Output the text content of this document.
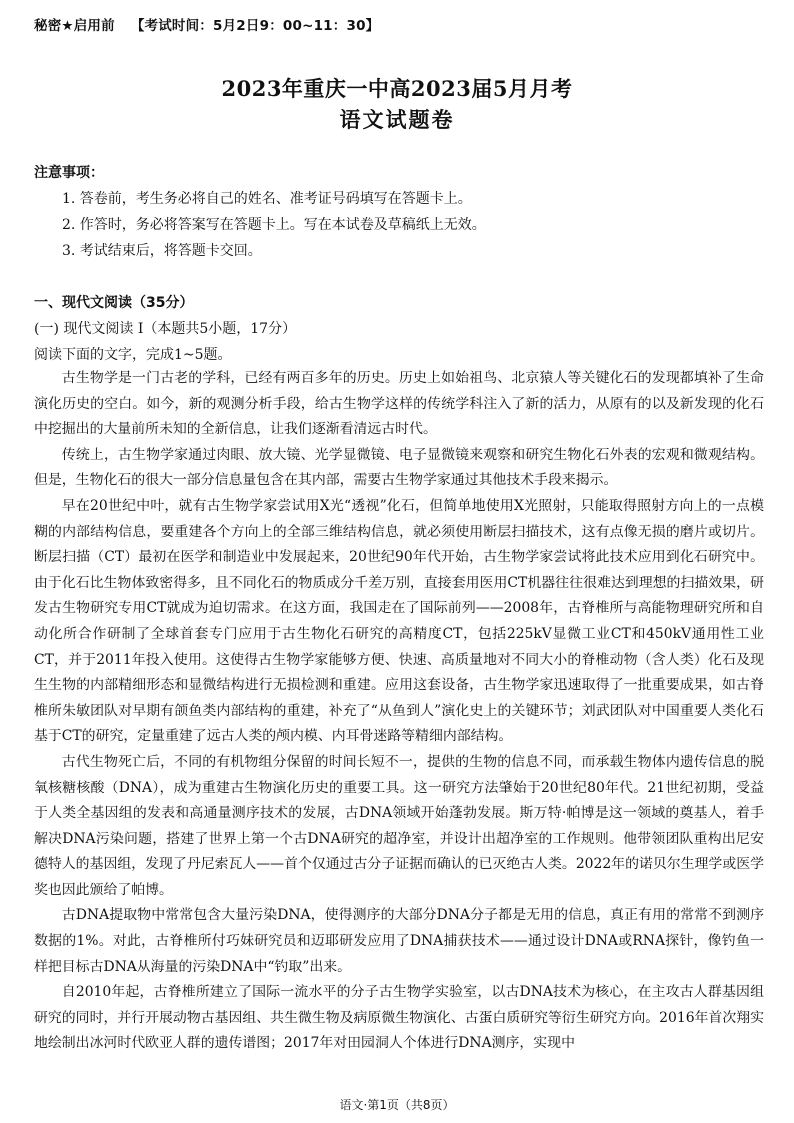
秘密★启用前 【考试时间：5月2日9：00~11：30】
2023年重庆一中高2023届5月月考
语文试题卷
注意事项：
1. 答卷前，考生务必将自己的姓名、准考证号码填写在答题卡上。
2. 作答时，务必将答案写在答题卡上。写在本试卷及草稿纸上无效。
3. 考试结束后，将答题卡交回。
一、现代文阅读（35分）
(一) 现代文阅读 I（本题共5小题，17分）
阅读下面的文字，完成1~5题。

古生物学是一门古老的学科，已经有两百多年的历史。历史上如始祖鸟、北京猿人等关键化石的发现都填补了生命演化历史的空白。如今，新的观测分析手段，给古生物学这样的传统学科注入了新的活力，从原有的以及新发现的化石中挖掘出的大量前所未知的全新信息，让我们逐渐看清远古时代。

传统上，古生物学家通过肉眼、放大镜、光学显微镜、电子显微镜来观察和研究生物化石外表的宏观和微观结构。但是，生物化石的很大一部分信息量包含在其内部，需要古生物学家通过其他技术手段来揭示。

早在20世纪中叶，就有古生物学家尝试用X光“透视”化石，但简单地使用X光照射，只能取得照射方向上的一点模糊的内部结构信息，要重建各个方向上的全部三维结构信息，就必须使用断层扫描技术，这有点像无损的磨片或切片。断层扫描（CT）最初在医学和制造业中发展起来，20世纪90年代开始，古生物学家尝试将此技术应用到化石研究中。由于化石比生物体致密得多，且不同化石的物质成分千差万别，直接套用医用CT机器往往很难达到理想的扫描效果，研发古生物研究专用CT就成为迫切需求。在这方面，我国走在了国际前列——2008年，古脊椎所与高能物理研究所和自动化所合作研制了全球首套专门应用于古生物化石研究的高精度CT，包括225kV显微工业CT和450kV通用性工业CT，并于2011年投入使用。这使得古生物学家能够方便、快速、高质量地对不同大小的脊椎动物（含人类）化石及现生生物的内部精细形态和显微结构进行无损检测和重建。应用这套设备，古生物学家迅速取得了一批重要成果，如古脊椎所朱敏团队对早期有颌鱼类内部结构的重建，补充了“从鱼到人”演化史上的关键环节；刘武团队对中国重要人类化石基于CT的研究，定量重建了远古人类的颅内模、内耳骨迷路等精细内部结构。

古代生物死亡后，不同的有机物组分保留的时间长短不一，提供的生物的信息不同，而承载生物体内遗传信息的脱氧核糖核酸（DNA），成为重建古生物演化历史的重要工具。这一研究方法肇始于20世纪80年代。21世纪初期，受益于人类全基因组的发表和高通量测序技术的发展，古DNA领域开始蓬勃发展。斯万特·帕博是这一领域的奠基人，着手解决DNA污染问题，搭建了世界上第一个古DNA研究的超净室，并设计出超净室的工作规则。他带领团队重构出尼安德特人的基因组，发现了丹尼索瓦人——首个仅通过古分子证据而确认的已灭绝古人类。2022年的诺贝尔生理学或医学奖也因此颁给了帕博。

古DNA提取物中常常包含大量污染DNA，使得测序的大部分DNA分子都是无用的信息，真正有用的常常不到测序数据的1%。对此，古脊椎所付巧妹研究员和迈耶研发应用了DNA捕获技术——通过设计DNA或RNA探针，像钓鱼一样把目标古DNA从海量的污染DNA中“钓取”出来。

自2010年起，古脊椎所建立了国际一流水平的分子古生物学实验室，以古DNA技术为核心，在主攻古人群基因组研究的同时，并行开展动物古基因组、共生微生物及病原微生物演化、古蛋白质研究等衍生研究方向。2016年首次翔实地绘制出冰河时代欧亚人群的遗传谱图；2017年对田园洞人个体进行DNA测序，实现中

语文·第1页（共8页）
